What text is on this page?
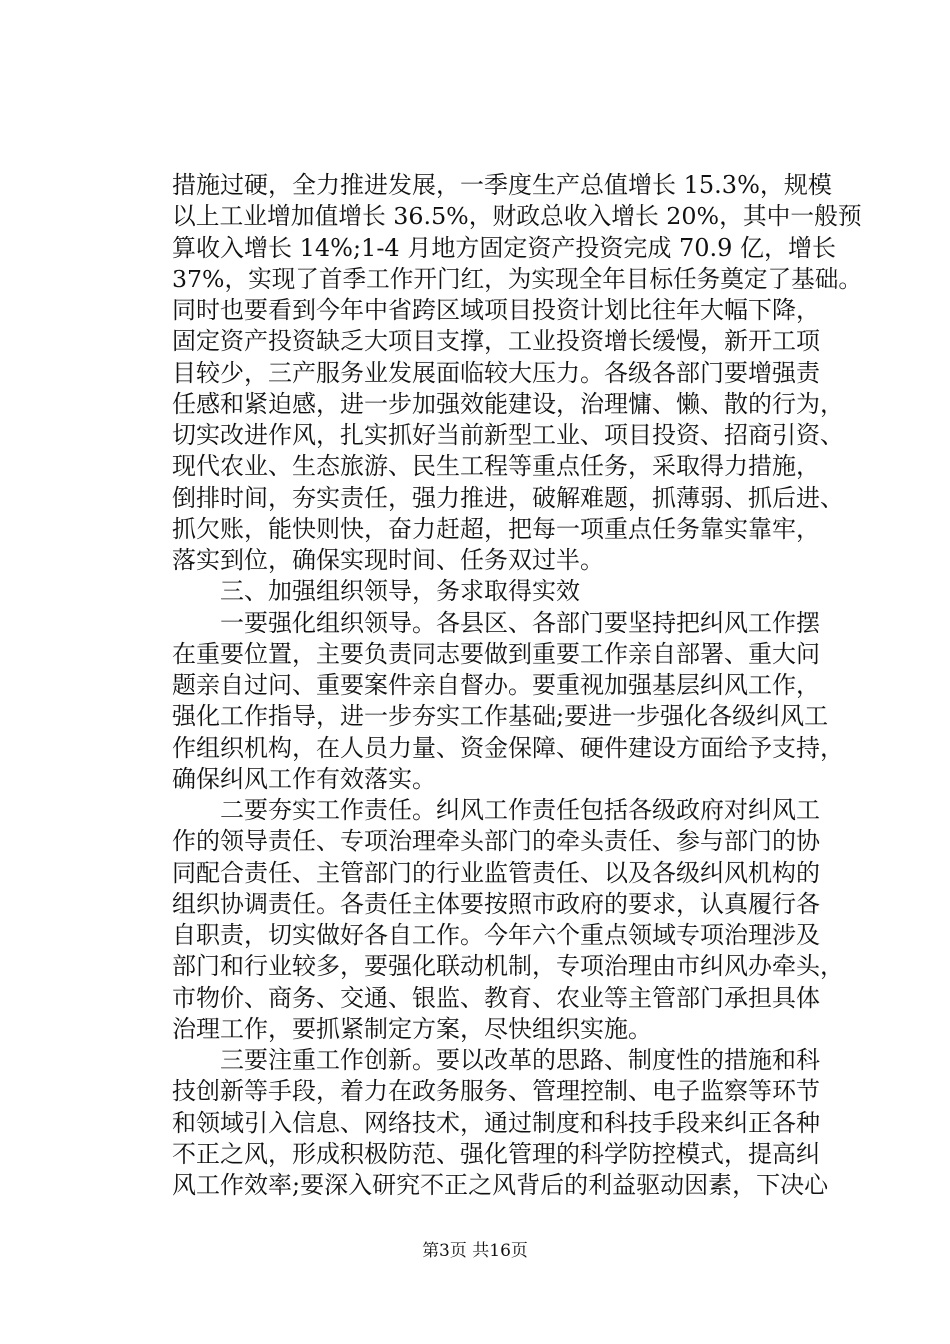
措施过硬，全力推进发展，一季度生产总值增长 15.3%，规模
以上工业增加值增长 36.5%，财政总收入增长 20%，其中一般预
算收入增长 14%;1-4 月地方固定资产投资完成 70.9 亿，增长
37%，实现了首季工作开门红，为实现全年目标任务奠定了基础。
同时也要看到今年中省跨区域项目投资计划比往年大幅下降，
固定资产投资缺乏大项目支撑，工业投资增长缓慢，新开工项
目较少，三产服务业发展面临较大压力。各级各部门要增强责
任感和紧迫感，进一步加强效能建设，治理慵、懒、散的行为，
切实改进作风，扎实抓好当前新型工业、项目投资、招商引资、
现代农业、生态旅游、民生工程等重点任务，采取得力措施，
倒排时间，夯实责任，强力推进，破解难题，抓薄弱、抓后进、
抓欠账，能快则快，奋力赶超，把每一项重点任务靠实靠牢，
落实到位，确保实现时间、任务双过半。
　　三、加强组织领导，务求取得实效
　　一要强化组织领导。各县区、各部门要坚持把纠风工作摆
在重要位置，主要负责同志要做到重要工作亲自部署、重大问
题亲自过问、重要案件亲自督办。要重视加强基层纠风工作，
强化工作指导，进一步夯实工作基础;要进一步强化各级纠风工
作组织机构，在人员力量、资金保障、硬件建设方面给予支持，
确保纠风工作有效落实。
　　二要夯实工作责任。纠风工作责任包括各级政府对纠风工
作的领导责任、专项治理牵头部门的牵头责任、参与部门的协
同配合责任、主管部门的行业监管责任、以及各级纠风机构的
组织协调责任。各责任主体要按照市政府的要求，认真履行各
自职责，切实做好各自工作。今年六个重点领域专项治理涉及
部门和行业较多，要强化联动机制，专项治理由市纠风办牵头，
市物价、商务、交通、银监、教育、农业等主管部门承担具体
治理工作，要抓紧制定方案，尽快组织实施。
　　三要注重工作创新。要以改革的思路、制度性的措施和科
技创新等手段，着力在政务服务、管理控制、电子监察等环节
和领域引入信息、网络技术，通过制度和科技手段来纠正各种
不正之风，形成积极防范、强化管理的科学防控模式，提高纠
风工作效率;要深入研究不正之风背后的利益驱动因素，下决心
第3页 共16页
